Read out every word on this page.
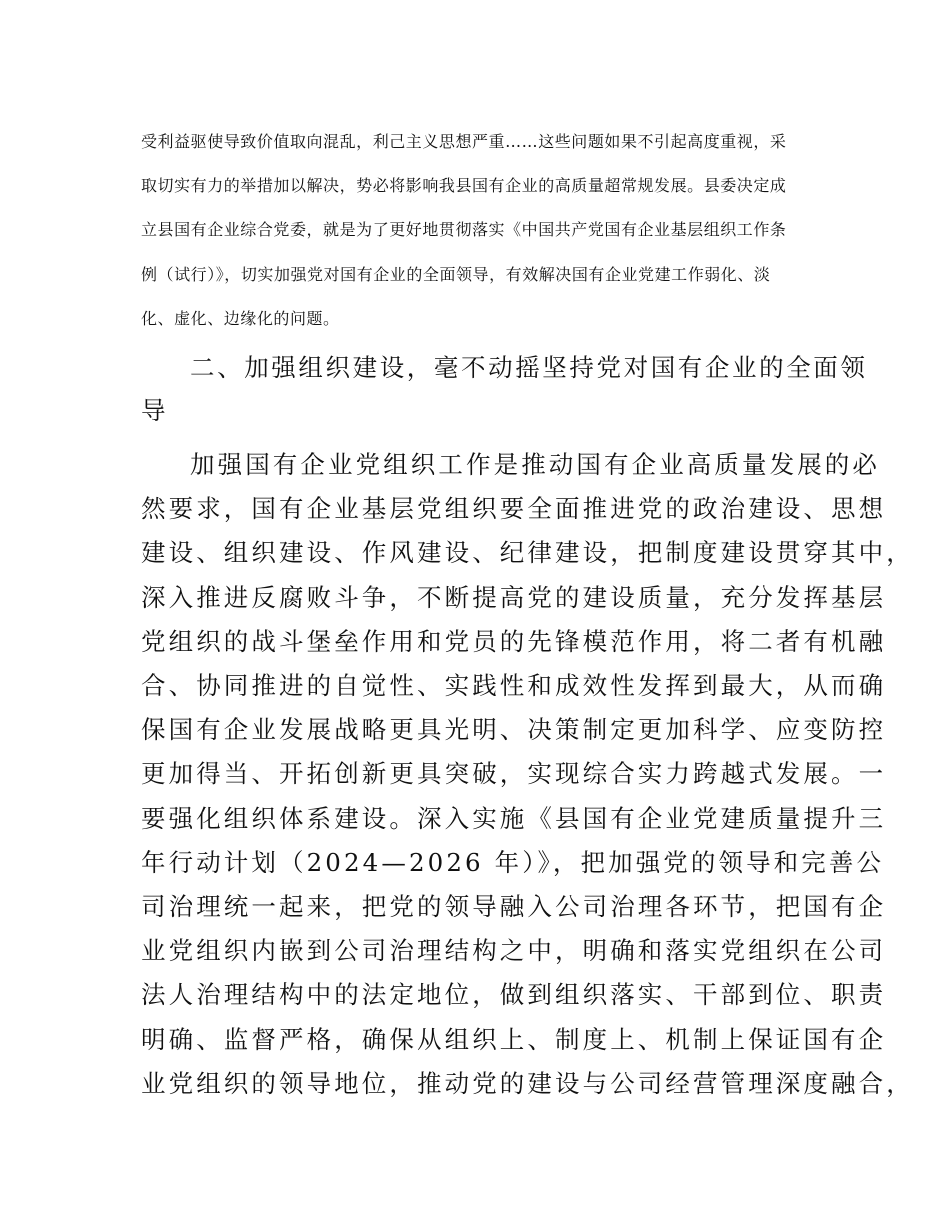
受利益驱使导致价值取向混乱，利己主义思想严重……这些问题如果不引起高度重视，采
取切实有力的举措加以解决，势必将影响我县国有企业的高质量超常规发展。县委决定成
立县国有企业综合党委，就是为了更好地贯彻落实《中国共产党国有企业基层组织工作条
例（试行）》，切实加强党对国有企业的全面领导，有效解决国有企业党建工作弱化、淡
化、虚化、边缘化的问题。
二、加强组织建设，毫不动摇坚持党对国有企业的全面领
导
加强国有企业党组织工作是推动国有企业高质量发展的必
然要求，国有企业基层党组织要全面推进党的政治建设、思想
建设、组织建设、作风建设、纪律建设，把制度建设贯穿其中，
深入推进反腐败斗争，不断提高党的建设质量，充分发挥基层
党组织的战斗堡垒作用和党员的先锋模范作用，将二者有机融
合、协同推进的自觉性、实践性和成效性发挥到最大，从而确
保国有企业发展战略更具光明、决策制定更加科学、应变防控
更加得当、开拓创新更具突破，实现综合实力跨越式发展。一
要强化组织体系建设。深入实施《县国有企业党建质量提升三
年行动计划（2024—2026 年）》，把加强党的领导和完善公
司治理统一起来，把党的领导融入公司治理各环节，把国有企
业党组织内嵌到公司治理结构之中，明确和落实党组织在公司
法人治理结构中的法定地位，做到组织落实、干部到位、职责
明确、监督严格，确保从组织上、制度上、机制上保证国有企
业党组织的领导地位，推动党的建设与公司经营管理深度融合，
